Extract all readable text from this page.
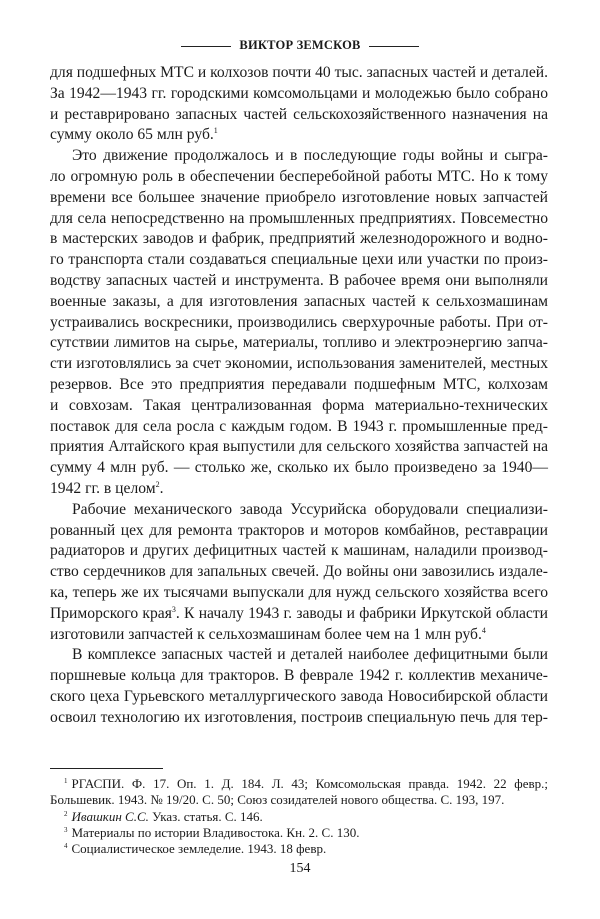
ВИКТОР ЗЕМСКОВ
для подшефных МТС и колхозов почти 40 тыс. запасных частей и деталей.
За 1942—1943 гг. городскими комсомольцами и молодежью было собрано
и реставрировано запасных частей сельскохозяйственного назначения на
сумму около 65 млн руб.$^1$
Это движение продолжалось и в последующие годы войны и сыгра-
ло огромную роль в обеспечении бесперебойной работы МТС. Но к тому
времени все большее значение приобрело изготовление новых запчастей
для села непосредственно на промышленных предприятиях. Повсеместно
в мастерских заводов и фабрик, предприятий железнодорожного и водно-
го транспорта стали создаваться специальные цехи или участки по произ-
водству запасных частей и инструмента. В рабочее время они выполняли
военные заказы, а для изготовления запасных частей к сельхозмашинам
устраивались воскресники, производились сверхурочные работы. При от-
сутствии лимитов на сырье, материалы, топливо и электроэнергию запча-
сти изготовлялись за счет экономии, использования заменителей, местных
резервов. Все это предприятия передавали подшефным МТС, колхозам
и совхозам. Такая централизованная форма материально-технических
поставок для села росла с каждым годом. В 1943 г. промышленные пред-
приятия Алтайского края выпустили для сельского хозяйства запчастей на
сумму 4 млн руб. — столько же, сколько их было произведено за 1940—
1942 гг. в целом$^2$.
Рабочие механического завода Уссурийска оборудовали специализи-
рованный цех для ремонта тракторов и моторов комбайнов, реставрации
радиаторов и других дефицитных частей к машинам, наладили производ-
ство сердечников для запальных свечей. До войны они завозились издале-
ка, теперь же их тысячами выпускали для нужд сельского хозяйства всего
Приморского края$^3$. К началу 1943 г. заводы и фабрики Иркутской области
изготовили запчастей к сельхозмашинам более чем на 1 млн руб.$^4$
В комплексе запасных частей и деталей наиболее дефицитными были
поршневые кольца для тракторов. В феврале 1942 г. коллектив механиче-
ского цеха Гурьевского металлургического завода Новосибирской области
освоил технологию их изготовления, построив специальную печь для тер-
$^1$ РГАСПИ. Ф. 17. Оп. 1. Д. 184. Л. 43; Комсомольская правда. 1942. 22 февр.;
Большевик. 1943. № 19/20. С. 50; Союз созидателей нового общества. С. 193, 197.
$^2$ Ивашкин С.С. Указ. статья. С. 146.
$^3$ Материалы по истории Владивостока. Кн. 2. С. 130.
$^4$ Социалистическое земледелие. 1943. 18 февр.
154
